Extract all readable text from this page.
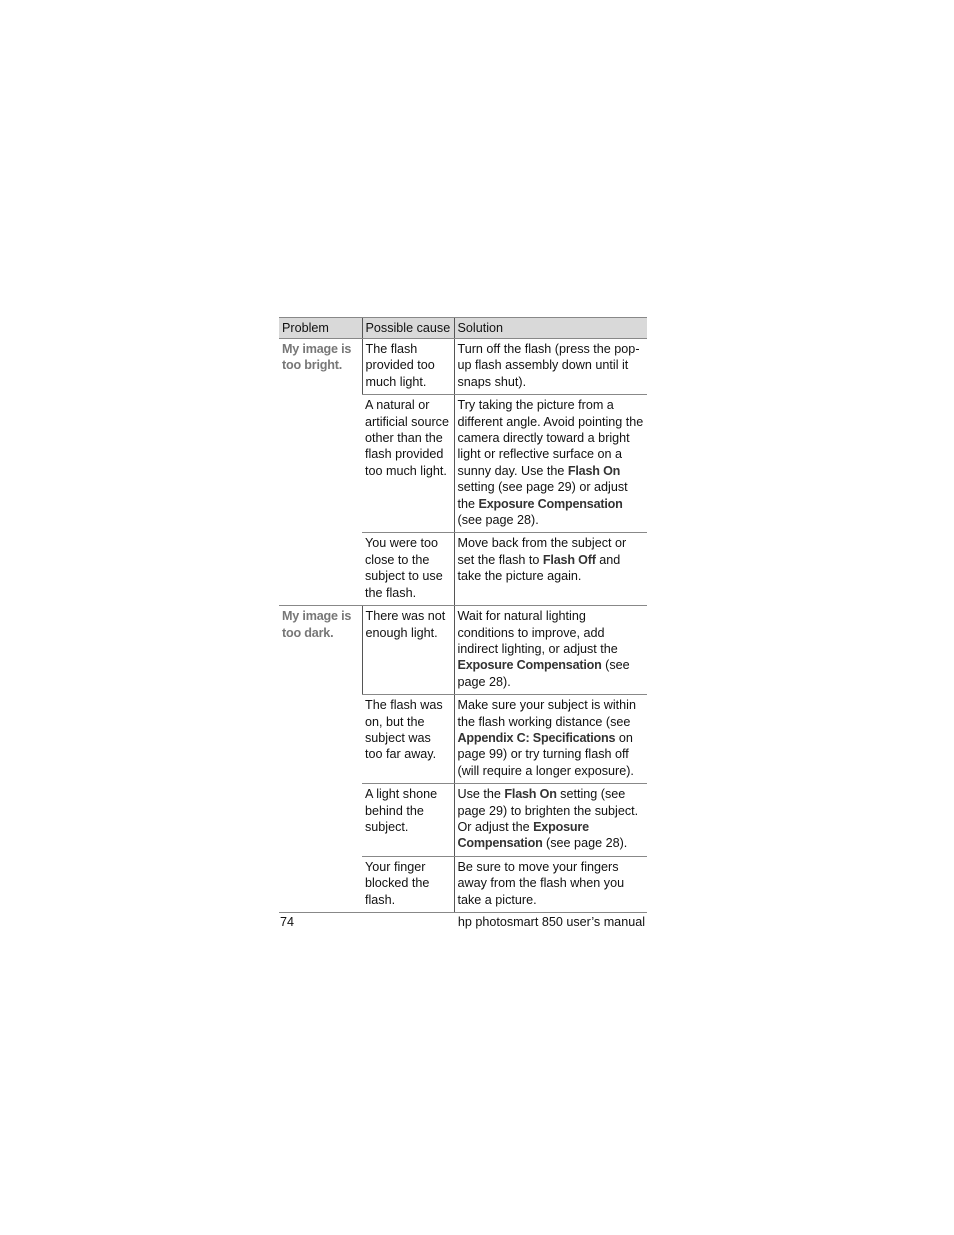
Problem	Possible cause	Solution
My image is too bright.	The flash provided too much light.	Turn off the flash (press the pop-up flash assembly down until it snaps shut).
	A natural or artificial source other than the flash provided too much light.	Try taking the picture from a different angle. Avoid pointing the camera directly toward a bright light or reflective surface on a sunny day. Use the Flash On setting (see page 29) or adjust the Exposure Compensation (see page 28).
	You were too close to the subject to use the flash.	Move back from the subject or set the flash to Flash Off and take the picture again.
My image is too dark.	There was not enough light.	Wait for natural lighting conditions to improve, add indirect lighting, or adjust the Exposure Compensation (see page 28).
	The flash was on, but the subject was too far away.	Make sure your subject is within the flash working distance (see Appendix C: Specifications on page 99) or try turning flash off (will require a longer exposure).
	A light shone behind the subject.	Use the Flash On setting (see page 29) to brighten the subject. Or adjust the Exposure Compensation (see page 28).
	Your finger blocked the flash.	Be sure to move your fingers away from the flash when you take a picture.
74	hp photosmart 850 user’s manual
